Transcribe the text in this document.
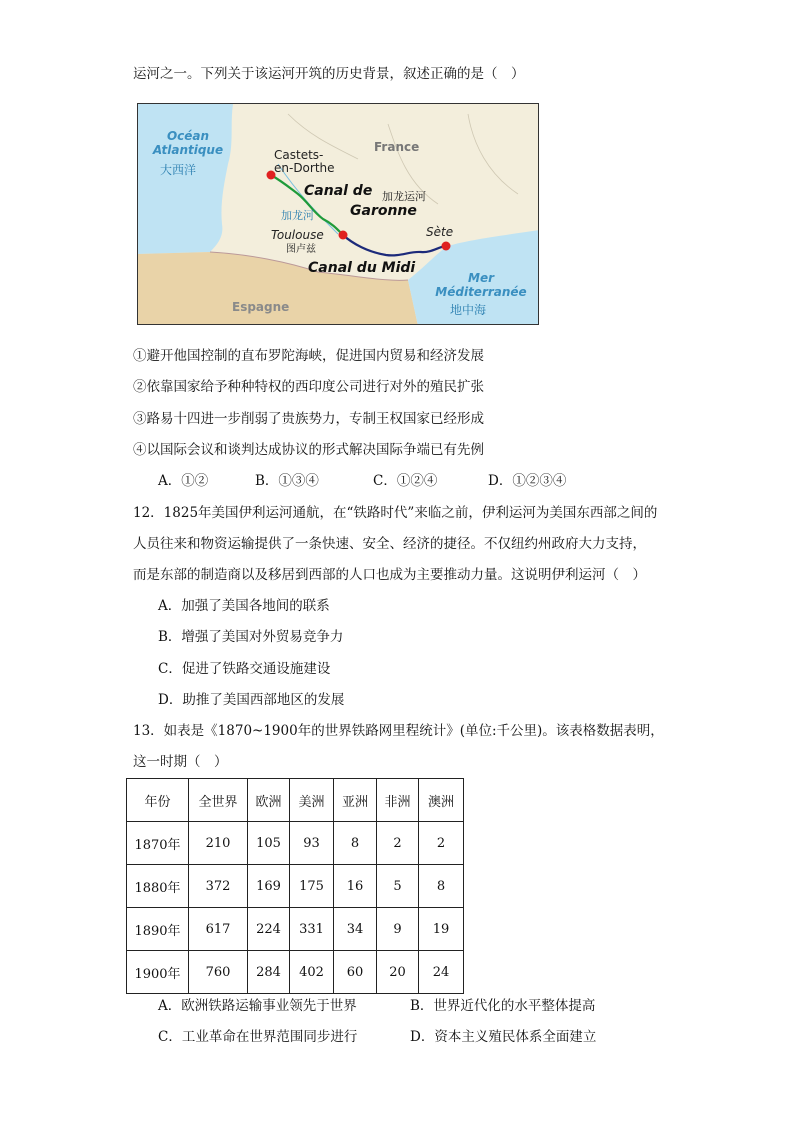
运河之一。下列关于该运河开筑的历史背景，叙述正确的是（　）
Océan
Atlantique
大西洋
Castets-
en-Dorthe
France
Canal de
Garonne
加龙运河
加龙河
Toulouse
图卢兹
Sète
Canal du Midi
Espagne
Mer
Méditerranée
地中海
①避开他国控制的直布罗陀海峡，促进国内贸易和经济发展
②依靠国家给予种种特权的西印度公司进行对外的殖民扩张
③路易十四进一步削弱了贵族势力，专制王权国家已经形成
④以国际会议和谈判达成协议的形式解决国际争端已有先例
A．①②	B．①③④	C．①②④	D．①②③④
12．1825年美国伊利运河通航，在“铁路时代”来临之前，伊利运河为美国东西部之间的
人员往来和物资运输提供了一条快速、安全、经济的捷径。不仅纽约州政府大力支持，
而是东部的制造商以及移居到西部的人口也成为主要推动力量。这说明伊利运河（　）
A．加强了美国各地间的联系
B．增强了美国对外贸易竞争力
C．促进了铁路交通设施建设
D．助推了美国西部地区的发展
13．如表是《1870~1900年的世界铁路网里程统计》(单位:千公里)。该表格数据表明，
这一时期（　）
年份	全世界	欧洲	美洲	亚洲	非洲	澳洲
1870年	210	105	93	8	2	2
1880年	372	169	175	16	5	8
1890年	617	224	331	34	9	19
1900年	760	284	402	60	20	24
A．欧洲铁路运输事业领先于世界	B．世界近代化的水平整体提高
C．工业革命在世界范围同步进行	D．资本主义殖民体系全面建立
